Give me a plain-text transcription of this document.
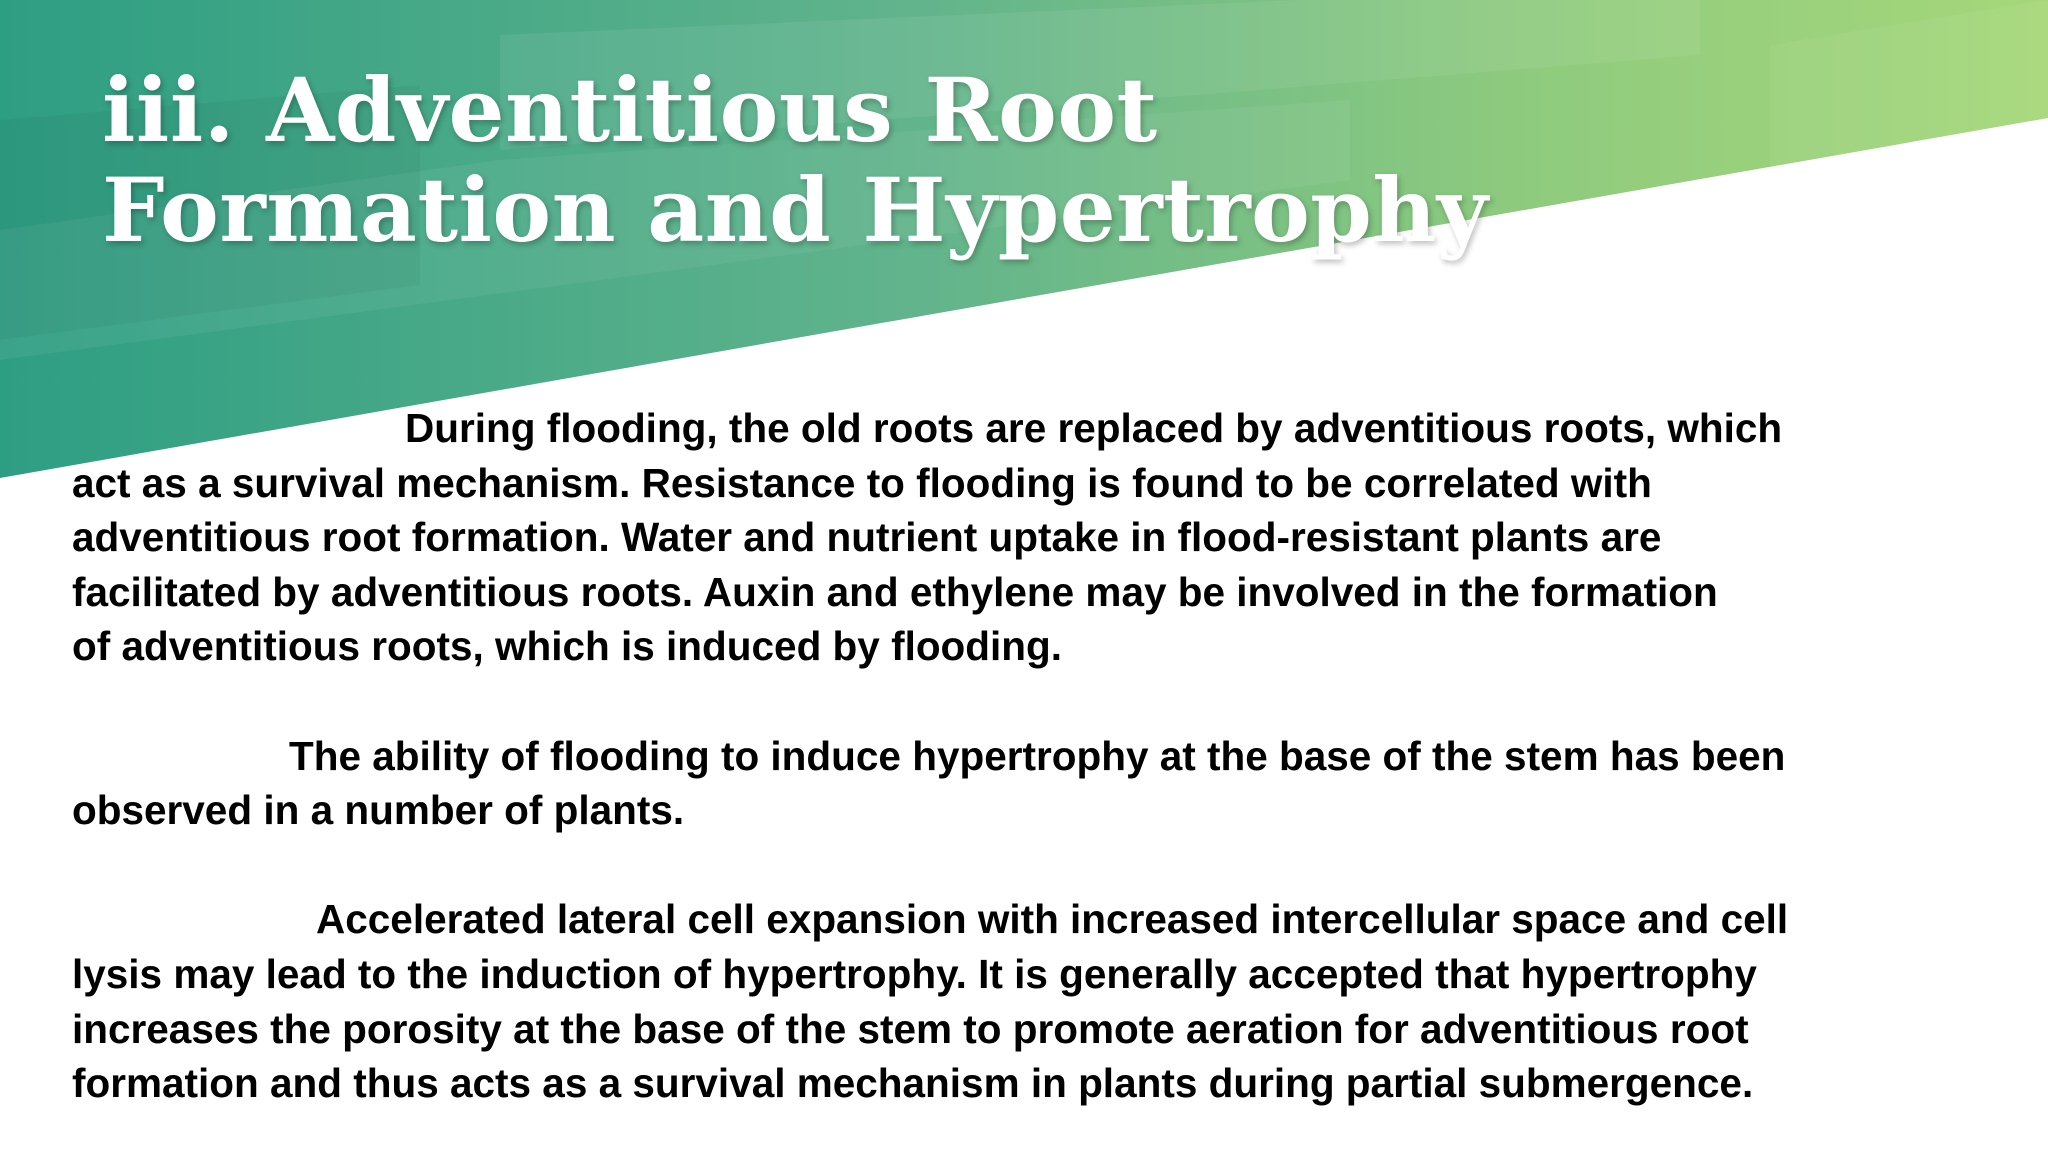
iii. Adventitious Root
Formation and Hypertrophy

During flooding, the old roots are replaced by adventitious roots, which
act as a survival mechanism. Resistance to flooding is found to be correlated with
adventitious root formation. Water and nutrient uptake in flood-resistant plants are
facilitated by adventitious roots. Auxin and ethylene may be involved in the formation
of adventitious roots, which is induced by flooding.

The ability of flooding to induce hypertrophy at the base of the stem has been
observed in a number of plants.

Accelerated lateral cell expansion with increased intercellular space and cell
lysis may lead to the induction of hypertrophy. It is generally accepted that hypertrophy
increases the porosity at the base of the stem to promote aeration for adventitious root
formation and thus acts as a survival mechanism in plants during partial submergence.
